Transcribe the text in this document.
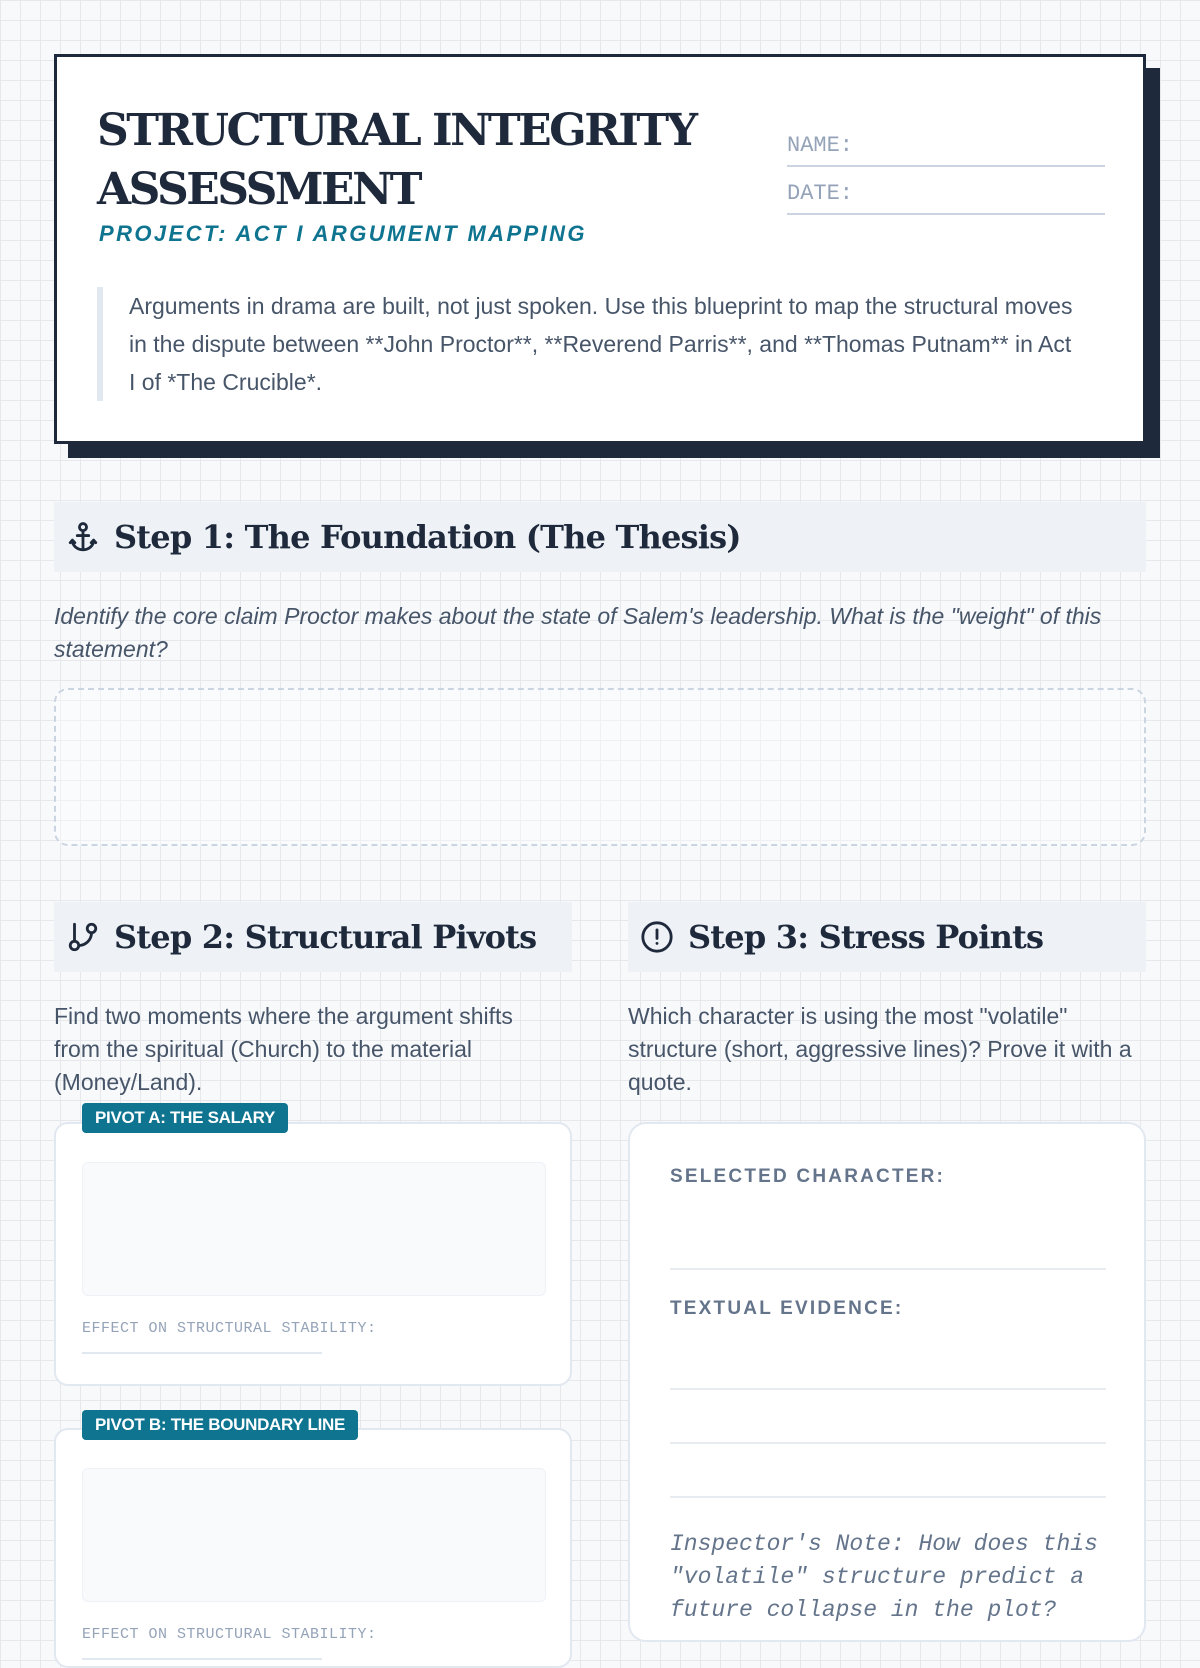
STRUCTURAL INTEGRITY ASSESSMENT
PROJECT: ACT I ARGUMENT MAPPING
NAME:
DATE:
Arguments in drama are built, not just spoken. Use this blueprint to map the structural moves in the dispute between **John Proctor**, **Reverend Parris**, and **Thomas Putnam** in Act I of *The Crucible*.
Step 1: The Foundation (The Thesis)
Identify the core claim Proctor makes about the state of Salem's leadership. What is the "weight" of this statement?
Step 2: Structural Pivots
Find two moments where the argument shifts from the spiritual (Church) to the material (Money/Land).
EFFECT ON STRUCTURAL STABILITY:
PIVOT A: THE SALARY
EFFECT ON STRUCTURAL STABILITY:
PIVOT B: THE BOUNDARY LINE
Step 3: Stress Points
Which character is using the most "volatile" structure (short, aggressive lines)? Prove it with a quote.
SELECTED CHARACTER:
TEXTUAL EVIDENCE:
Inspector's Note: How does this "volatile" structure predict a future collapse in the plot?
